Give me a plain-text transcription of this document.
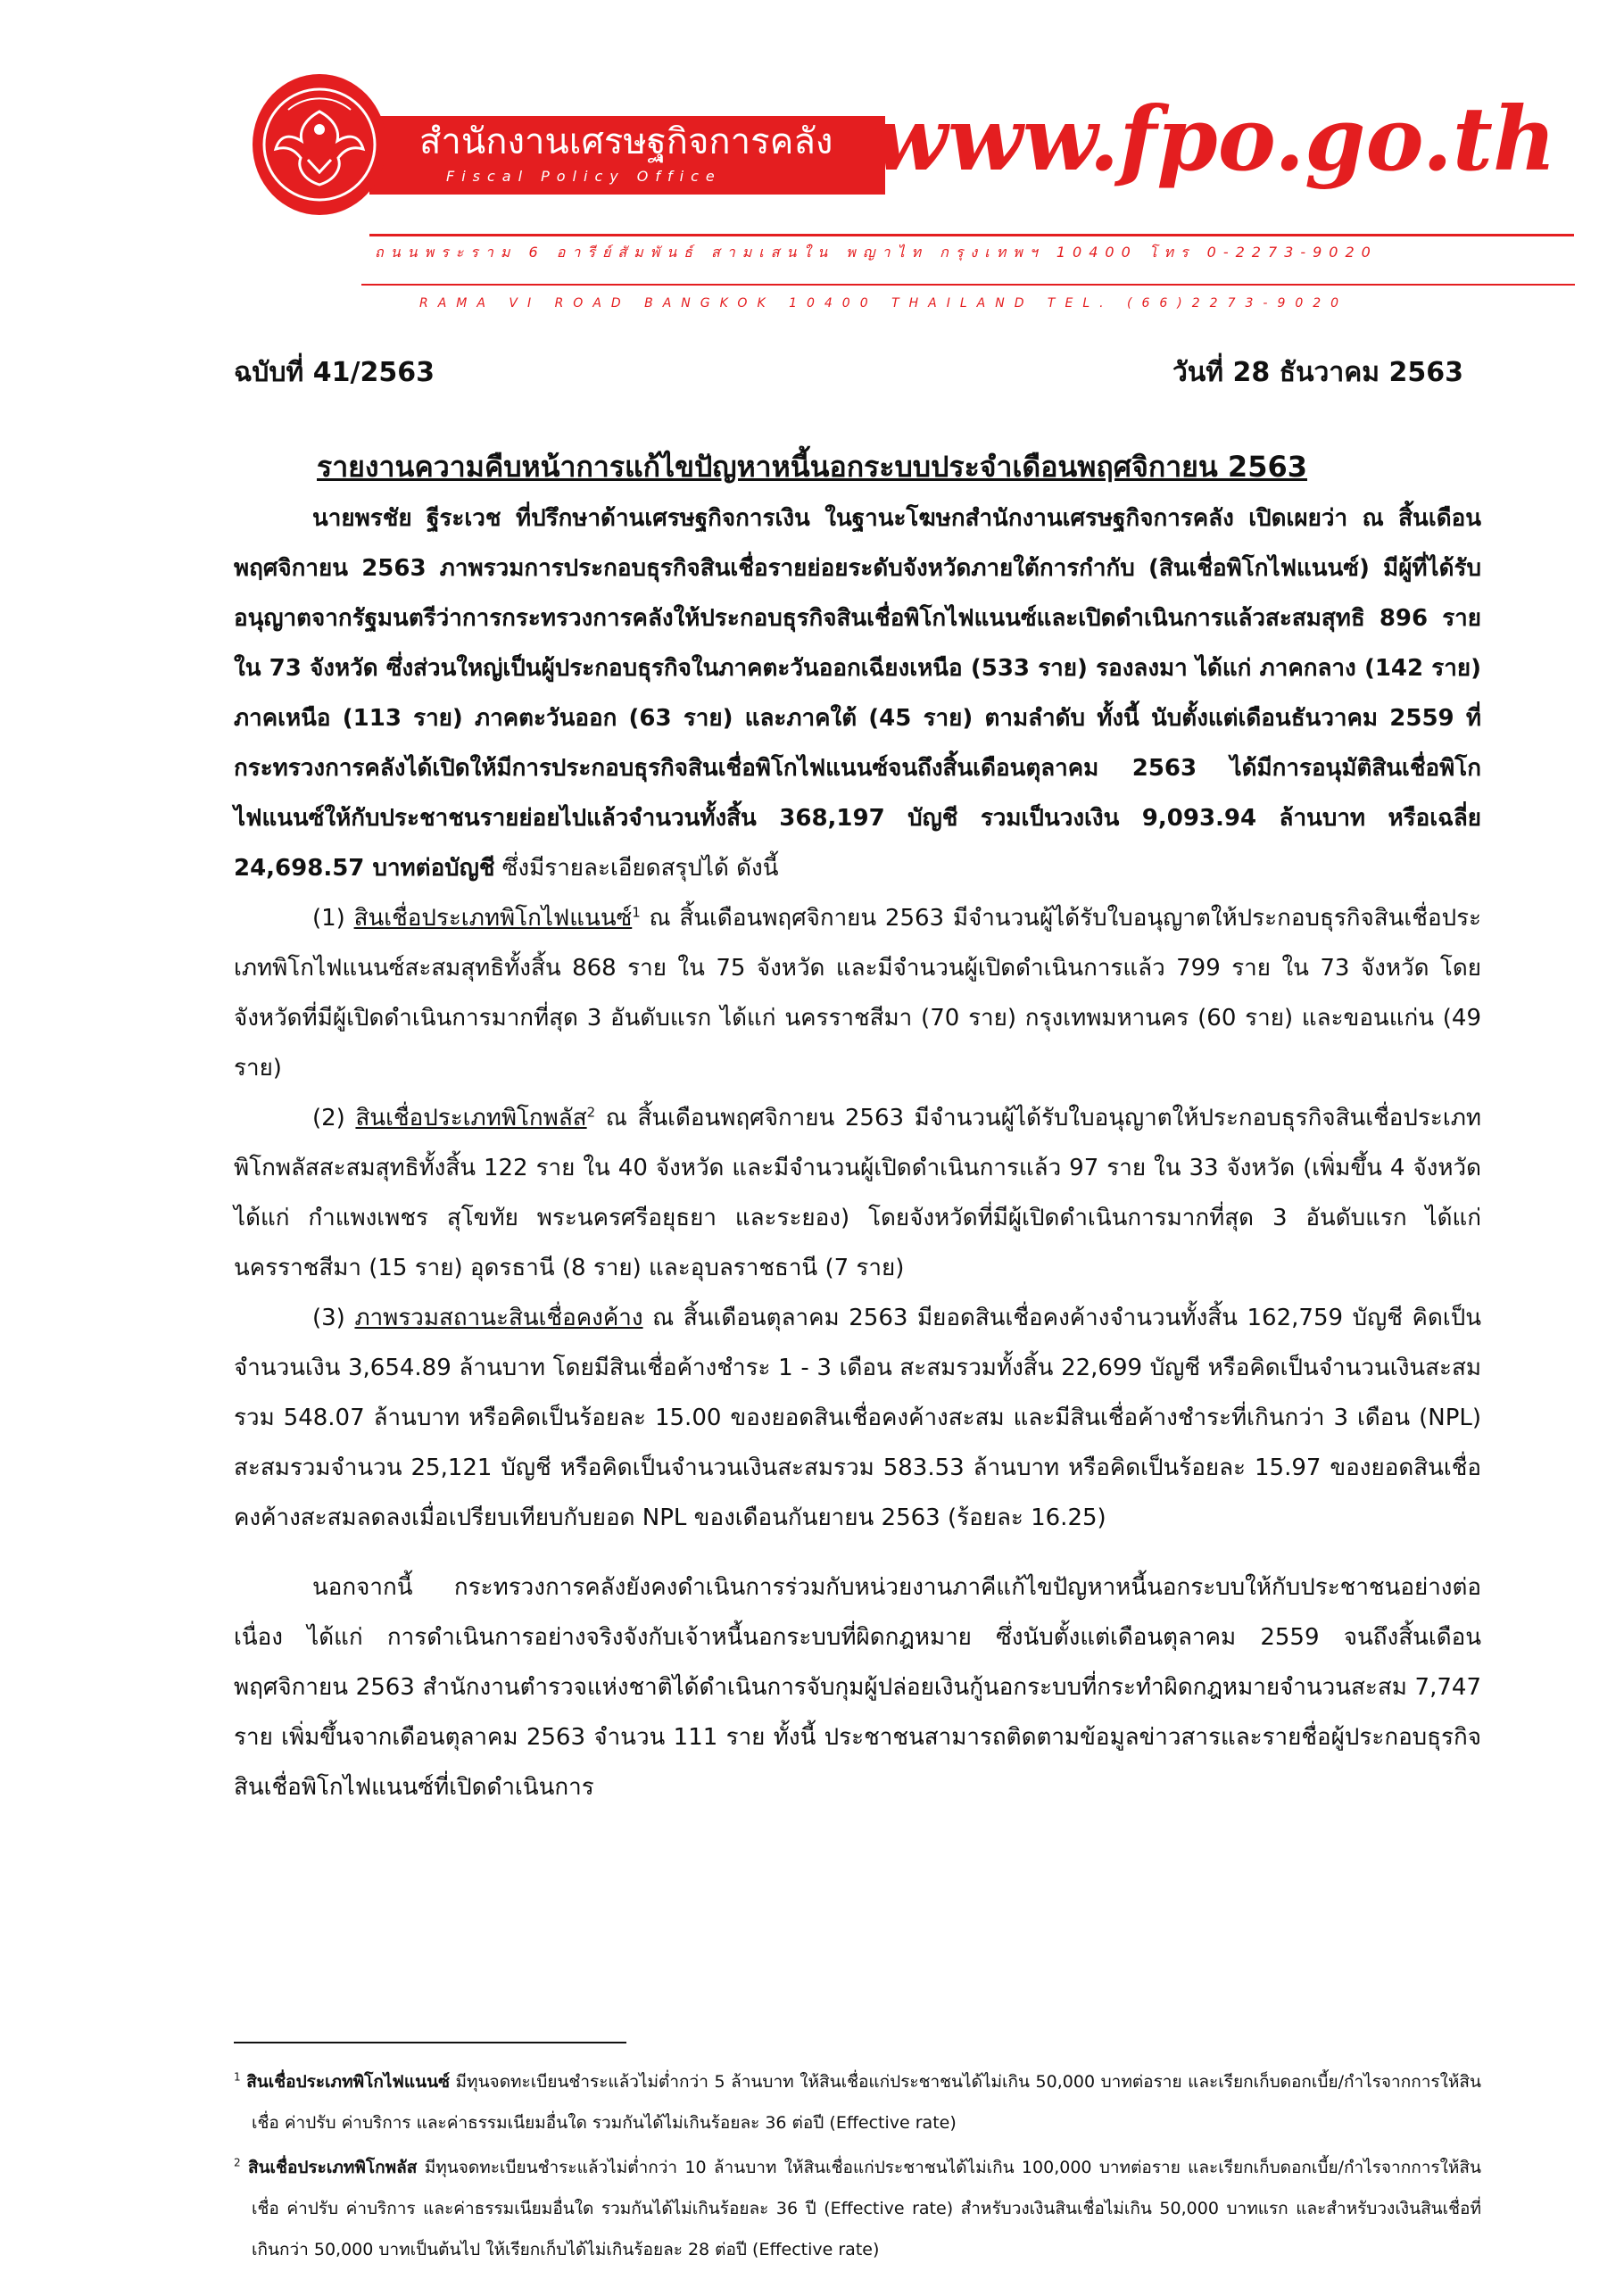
สำนักงานเศรษฐกิจการคลัง
Fiscal Policy Office www.fpo.go.th
ถนนพระราม 6 อารีย์สัมพันธ์ สามเสนใน พญาไท กรุงเทพฯ 10400 โทร 0-2273-9020
RAMA VI ROAD BANGKOK 10400 THAILAND TEL. (66)2273-9020
ฉบับที่ 41/2563	วันที่ 28 ธันวาคม 2563
รายงานความคืบหน้าการแก้ไขปัญหาหนี้นอกระบบประจำเดือนพฤศจิกายน 2563

นายพรชัย ฐีระเวช ที่ปรึกษาด้านเศรษฐกิจการเงิน ในฐานะโฆษกสำนักงานเศรษฐกิจการคลัง เปิดเผยว่า ณ สิ้นเดือนพฤศจิกายน 2563 ภาพรวมการประกอบธุรกิจสินเชื่อรายย่อยระดับจังหวัดภายใต้การกำกับ (สินเชื่อพิโกไฟแนนซ์) มีผู้ที่ได้รับอนุญาตจากรัฐมนตรีว่าการกระทรวงการคลังให้ประกอบธุรกิจสินเชื่อพิโกไฟแนนซ์และเปิดดำเนินการแล้วสะสมสุทธิ 896 ราย ใน 73 จังหวัด ซึ่งส่วนใหญ่เป็นผู้ประกอบธุรกิจในภาคตะวันออกเฉียงเหนือ (533 ราย) รองลงมา ได้แก่ ภาคกลาง (142 ราย) ภาคเหนือ (113 ราย) ภาคตะวันออก (63 ราย) และภาคใต้ (45 ราย) ตามลำดับ ทั้งนี้ นับตั้งแต่เดือนธันวาคม 2559 ที่กระทรวงการคลังได้เปิดให้มีการประกอบธุรกิจสินเชื่อพิโกไฟแนนซ์จนถึงสิ้นเดือนตุลาคม 2563 ได้มีการอนุมัติสินเชื่อพิโกไฟแนนซ์ให้กับประชาชนรายย่อยไปแล้วจำนวนทั้งสิ้น 368,197 บัญชี รวมเป็นวงเงิน 9,093.94 ล้านบาท หรือเฉลี่ย 24,698.57 บาทต่อบัญชี ซึ่งมีรายละเอียดสรุปได้ ดังนี้

(1) สินเชื่อประเภทพิโกไฟแนนซ์$^1$ ณ สิ้นเดือนพฤศจิกายน 2563 มีจำนวนผู้ได้รับใบอนุญาตให้ประกอบธุรกิจสินเชื่อประเภทพิโกไฟแนนซ์สะสมสุทธิทั้งสิ้น 868 ราย ใน 75 จังหวัด และมีจำนวนผู้เปิดดำเนินการแล้ว 799 ราย ใน 73 จังหวัด โดยจังหวัดที่มีผู้เปิดดำเนินการมากที่สุด 3 อันดับแรก ได้แก่ นครราชสีมา (70 ราย) กรุงเทพมหานคร (60 ราย) และขอนแก่น (49 ราย)

(2) สินเชื่อประเภทพิโกพลัส$^2$ ณ สิ้นเดือนพฤศจิกายน 2563 มีจำนวนผู้ได้รับใบอนุญาตให้ประกอบธุรกิจสินเชื่อประเภทพิโกพลัสสะสมสุทธิทั้งสิ้น 122 ราย ใน 40 จังหวัด และมีจำนวนผู้เปิดดำเนินการแล้ว 97 ราย ใน 33 จังหวัด (เพิ่มขึ้น 4 จังหวัด ได้แก่ กำแพงเพชร สุโขทัย พระนครศรีอยุธยา และระยอง) โดยจังหวัดที่มีผู้เปิดดำเนินการมากที่สุด 3 อันดับแรก ได้แก่ นครราชสีมา (15 ราย) อุดรธานี (8 ราย) และอุบลราชธานี (7 ราย)

(3) ภาพรวมสถานะสินเชื่อคงค้าง ณ สิ้นเดือนตุลาคม 2563 มียอดสินเชื่อคงค้างจำนวนทั้งสิ้น 162,759 บัญชี คิดเป็นจำนวนเงิน 3,654.89 ล้านบาท โดยมีสินเชื่อค้างชำระ 1 - 3 เดือน สะสมรวมทั้งสิ้น 22,699 บัญชี หรือคิดเป็นจำนวนเงินสะสมรวม 548.07 ล้านบาท หรือคิดเป็นร้อยละ 15.00 ของยอดสินเชื่อคงค้างสะสม และมีสินเชื่อค้างชำระที่เกินกว่า 3 เดือน (NPL) สะสมรวมจำนวน 25,121 บัญชี หรือคิดเป็นจำนวนเงินสะสมรวม 583.53 ล้านบาท หรือคิดเป็นร้อยละ 15.97 ของยอดสินเชื่อคงค้างสะสมลดลงเมื่อเปรียบเทียบกับยอด NPL ของเดือนกันยายน 2563 (ร้อยละ 16.25)

นอกจากนี้ กระทรวงการคลังยังคงดำเนินการร่วมกับหน่วยงานภาคีแก้ไขปัญหาหนี้นอกระบบให้กับประชาชนอย่างต่อเนื่อง ได้แก่ การดำเนินการอย่างจริงจังกับเจ้าหนี้นอกระบบที่ผิดกฎหมาย ซึ่งนับตั้งแต่เดือนตุลาคม 2559 จนถึงสิ้นเดือนพฤศจิกายน 2563 สำนักงานตำรวจแห่งชาติได้ดำเนินการจับกุมผู้ปล่อยเงินกู้นอกระบบที่กระทำผิดกฎหมายจำนวนสะสม 7,747 ราย เพิ่มขึ้นจากเดือนตุลาคม 2563 จำนวน 111 ราย ทั้งนี้ ประชาชนสามารถติดตามข้อมูลข่าวสารและรายชื่อผู้ประกอบธุรกิจสินเชื่อพิโกไฟแนนซ์ที่เปิดดำเนินการ

$^1$ สินเชื่อประเภทพิโกไฟแนนซ์ มีทุนจดทะเบียนชำระแล้วไม่ต่ำกว่า 5 ล้านบาท ให้สินเชื่อแก่ประชาชนได้ไม่เกิน 50,000 บาทต่อราย และเรียกเก็บดอกเบี้ย/กำไรจากการให้สินเชื่อ ค่าปรับ ค่าบริการ และค่าธรรมเนียมอื่นใด รวมกันได้ไม่เกินร้อยละ 36 ต่อปี (Effective rate)

$^2$ สินเชื่อประเภทพิโกพลัส มีทุนจดทะเบียนชำระแล้วไม่ต่ำกว่า 10 ล้านบาท ให้สินเชื่อแก่ประชาชนได้ไม่เกิน 100,000 บาทต่อราย และเรียกเก็บดอกเบี้ย/กำไรจากการให้สินเชื่อ ค่าปรับ ค่าบริการ และค่าธรรมเนียมอื่นใด รวมกันได้ไม่เกินร้อยละ 36 ปี (Effective rate) สำหรับวงเงินสินเชื่อไม่เกิน 50,000 บาทแรก และสำหรับวงเงินสินเชื่อที่เกินกว่า 50,000 บาทเป็นต้นไป ให้เรียกเก็บได้ไม่เกินร้อยละ 28 ต่อปี (Effective rate)
